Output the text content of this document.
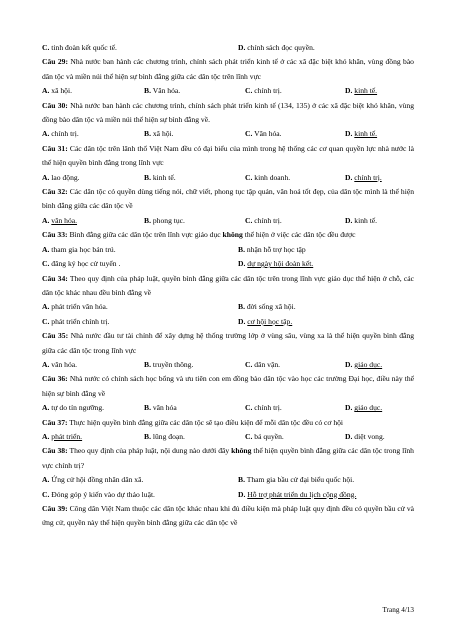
C. tinh đoàn kết quốc tế.	D. chính sách đọc quyền.

Câu 29: Nhà nước ban hành các chương trình, chính sách phát triển kinh tế ở các xã đặc biệt khó khăn, vùng đồng bào dân tộc và miền núi thể hiện sự bình đẳng giữa các dân tộc trên lĩnh vực

A. xã hội.	B. Văn hóa.	C. chính trị.	D. kinh tế.

Câu 30: Nhà nước ban hành các chương trình, chính sách phát triển kinh tế (134, 135) ở các xã đặc biệt khó khăn, vùng đồng bào dân tộc và miền núi thể hiện sự bình đẳng về.

A. chính trị.	B. xã hội.	C. Văn hóa.	D. kinh tế.

Câu 31: Các dân tộc trên lãnh thổ Việt Nam đều có đại biểu của mình trong hệ thống các cơ quan quyền lực nhà nước là thể hiện quyền bình đẳng trong lĩnh vực

A. lao động.	B. kinh tế.	C. kinh doanh.	D. chính trị.

Câu 32: Các dân tộc có quyền dùng tiếng nói, chữ viết, phong tục tập quán, văn hoá tốt đẹp, của dân tộc mình là thể hiện bình đẳng giữa các dân tộc về

A. văn hóa.	B. phong tục.	C. chính trị.	D. kinh tế.

Câu 33: Bình đẳng giữa các dân tộc trên lĩnh vực giáo dục không thể hiện ở việc các dân tộc đều được

A. tham gia học bán trú.	B. nhận hỗ trợ học tập
C. đăng ký học cử tuyển .	D. dự ngày hội đoàn kết.

Câu 34: Theo quy định của pháp luật, quyền bình đẳng giữa các dân tộc trên trong lĩnh vực giáo dục thể hiện ở chỗ, các dân tộc khác nhau đều bình đẳng về

A. phát triển văn hóa.	B. đời sống xã hội.
C. phát triển chính trị.	D. cơ hội học tập.

Câu 35: Nhà nước đầu tư tài chính để xây dựng hệ thống trường lớp ở vùng sâu, vùng xa là thể hiện quyền bình đẳng giữa các dân tộc trong lĩnh vực

A. văn hóa.	B. truyền thông.	C. dân vận.	D. giáo dục.

Câu 36: Nhà nước có chính sách học bổng và ưu tiên con em đồng bào dân tộc vào học các trường Đại học, điều này thể hiện sự bình đẳng về

A. tự do tín ngưỡng.	B. văn hóa	C. chính trị.	D. giáo dục.

Câu 37: Thực hiện quyền bình đẳng giữa các dân tộc sẽ tạo điều kiện để mỗi dân tộc đều có cơ hội

A. phát triển.	B. lũng đoạn.	C. bá quyền.	D. diệt vong.

Câu 38: Theo quy định của pháp luật, nội dung nào dưới đây không thể hiện quyền bình đẳng giữa các dân tộc trong lĩnh vực chính trị?

A. Ứng cử hội đồng nhân dân xã.	B. Tham gia bầu cử đại biểu quốc hội.
C. Đóng góp ý kiến vào dự thảo luật.	D. Hỗ trợ phát triển du lịch cộng đồng.

Câu 39: Công dân Việt Nam thuộc các dân tộc khác nhau khi đủ điều kiện mà pháp luật quy định đều có quyền bầu cử và ứng cử, quyền này thể hiện quyền bình đẳng giữa các dân tộc về

Trang 4/13
